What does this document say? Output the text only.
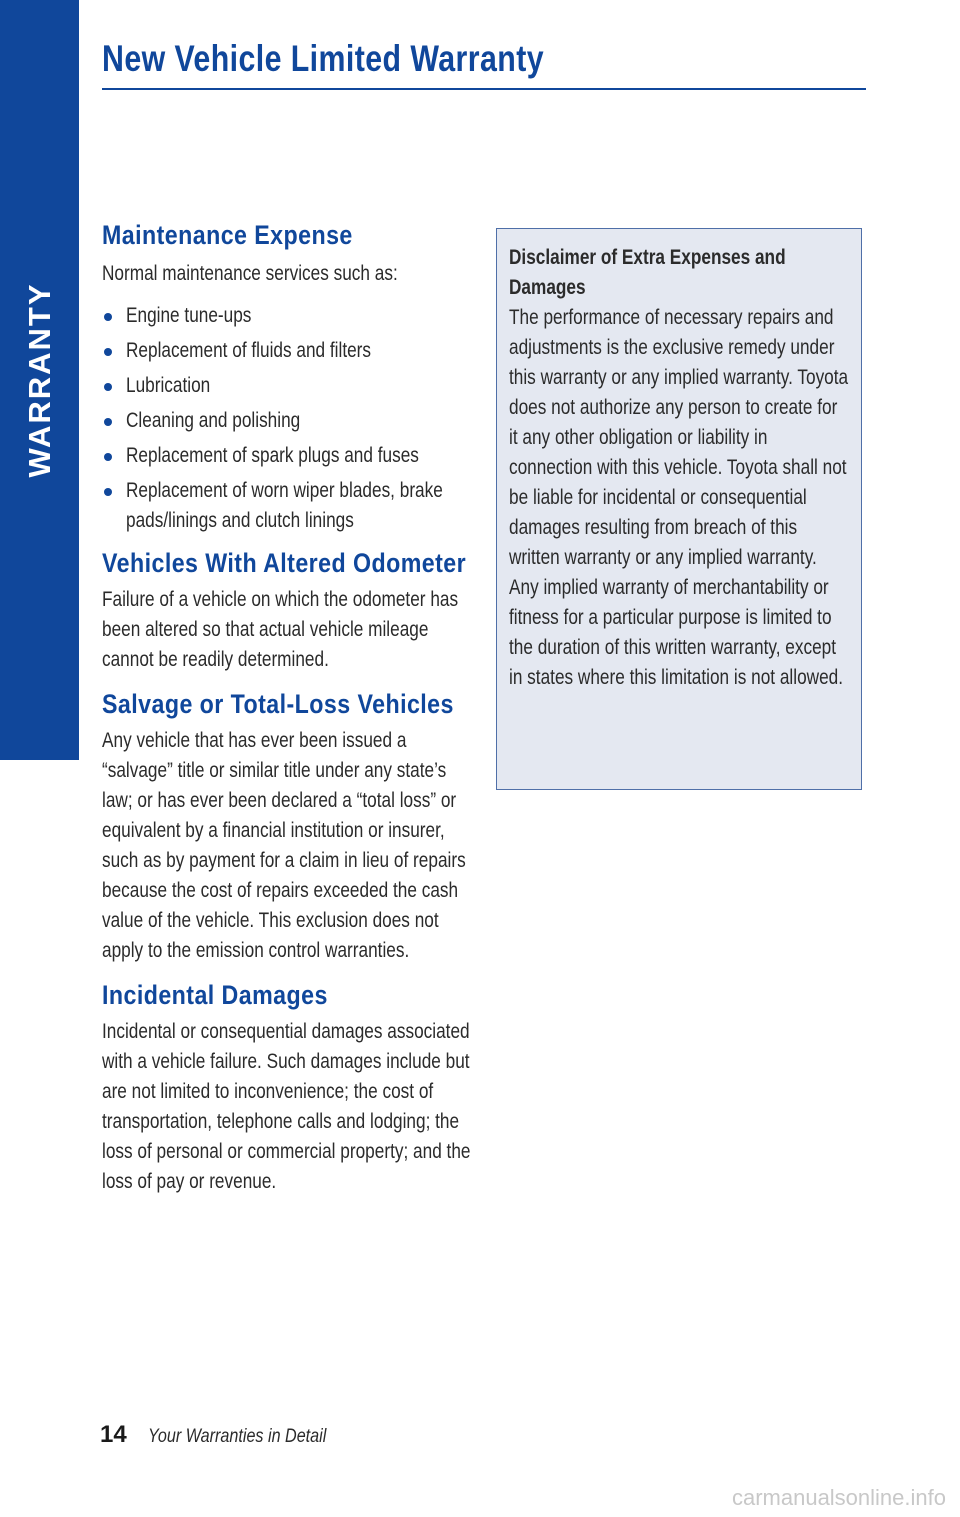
WARRANTY
New Vehicle Limited Warranty
Maintenance Expense

Normal maintenance services such as:

Engine tune-ups

Replacement of fluids and filters

Lubrication

Cleaning and polishing

Replacement of spark plugs and fuses

Replacement of worn wiper blades, brake pads/linings and clutch linings

Vehicles With Altered Odometer

Failure of a vehicle on which the odometer has been altered so that actual vehicle mileage cannot be readily determined.

Salvage or Total-Loss Vehicles

Any vehicle that has ever been issued a “salvage” title or similar title under any state’s law; or has ever been declared a “total loss” or equivalent by a financial institution or insurer, such as by payment for a claim in lieu of repairs because the cost of repairs exceeded the cash value of the vehicle. This exclusion does not apply to the emission control warranties.

Incidental Damages

Incidental or consequential damages associated with a vehicle failure. Such damages include but are not limited to inconvenience; the cost of transportation, telephone calls and lodging; the loss of personal or commercial property; and the loss of pay or revenue.

Disclaimer of Extra Expenses and Damages

The performance of necessary repairs and adjustments is the exclusive remedy under this warranty or any implied warranty. Toyota does not authorize any person to create for it any other obligation or liability in connection with this vehicle. Toyota shall not be liable for incidental or consequential damages resulting from breach of this written warranty or any implied warranty. Any implied warranty of merchantability or fitness for a particular purpose is limited to the duration of this written warranty, except in states where this limitation is not allowed.

14 Your Warranties in Detail
carmanualsonline.info
